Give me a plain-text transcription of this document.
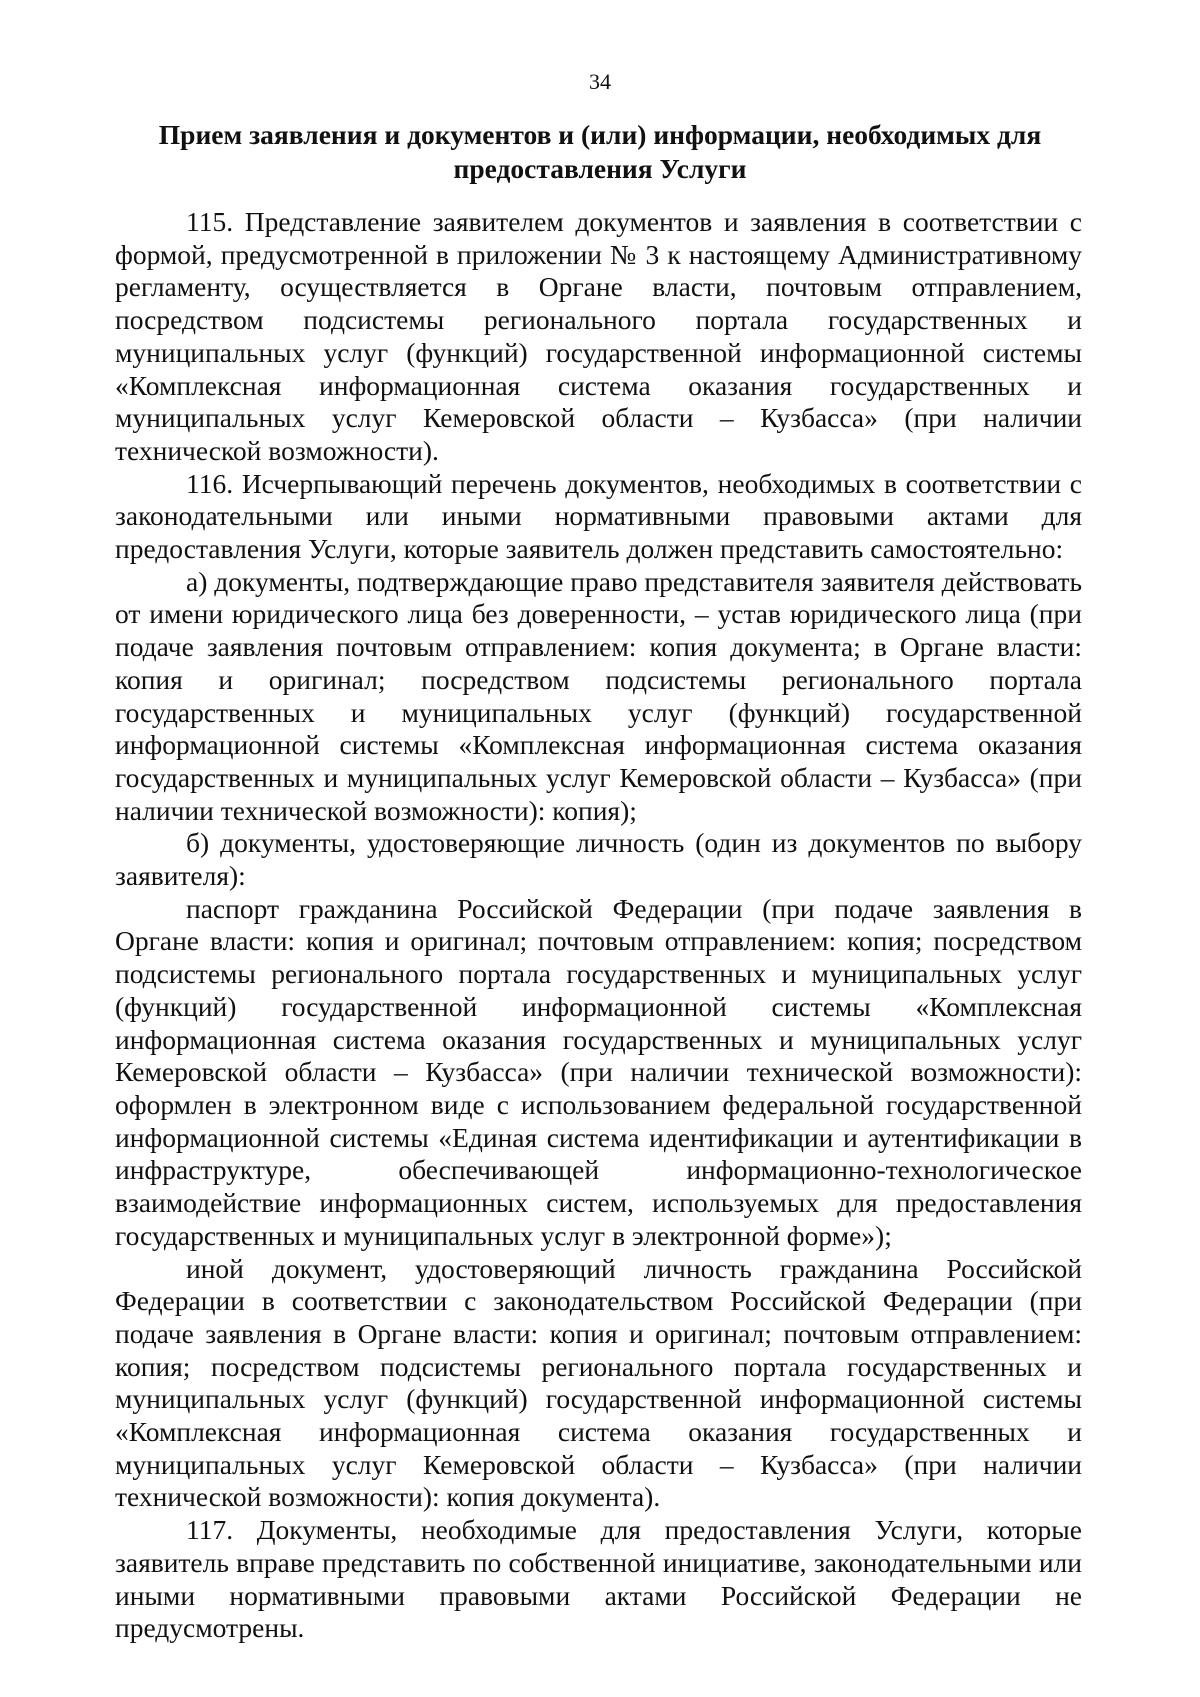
34
Прием заявления и документов и (или) информации, необходимых для предоставления Услуги

115. Представление заявителем документов и заявления в соответствии с формой, предусмотренной в приложении № 3 к настоящему Административному регламенту, осуществляется в Органе власти, почтовым отправлением, посредством подсистемы регионального портала государственных и муниципальных услуг (функций) государственной информационной системы «Комплексная информационная система оказания государственных и муниципальных услуг Кемеровской области – Кузбасса» (при наличии технической возможности).

116. Исчерпывающий перечень документов, необходимых в соответствии с законодательными или иными нормативными правовыми актами для предоставления Услуги, которые заявитель должен представить самостоятельно:

а) документы, подтверждающие право представителя заявителя действовать от имени юридического лица без доверенности, – устав юридического лица (при подаче заявления почтовым отправлением: копия документа; в Органе власти: копия и оригинал; посредством подсистемы регионального портала государственных и муниципальных услуг (функций) государственной информационной системы «Комплексная информационная система оказания государственных и муниципальных услуг Кемеровской области – Кузбасса» (при наличии технической возможности): копия);

б) документы, удостоверяющие личность (один из документов по выбору заявителя):

паспорт гражданина Российской Федерации (при подаче заявления в Органе власти: копия и оригинал; почтовым отправлением: копия; посредством подсистемы регионального портала государственных и муниципальных услуг (функций) государственной информационной системы «Комплексная информационная система оказания государственных и муниципальных услуг Кемеровской области – Кузбасса» (при наличии технической возможности): оформлен в электронном виде с использованием федеральной государственной информационной системы «Единая система идентификации и аутентификации в инфраструктуре, обеспечивающей информационно-технологическое взаимодействие информационных систем, используемых для предоставления государственных и муниципальных услуг в электронной форме»);

иной документ, удостоверяющий личность гражданина Российской Федерации в соответствии с законодательством Российской Федерации (при подаче заявления в Органе власти: копия и оригинал; почтовым отправлением: копия; посредством подсистемы регионального портала государственных и муниципальных услуг (функций) государственной информационной системы «Комплексная информационная система оказания государственных и муниципальных услуг Кемеровской области – Кузбасса» (при наличии технической возможности): копия документа).

117. Документы, необходимые для предоставления Услуги, которые заявитель вправе представить по собственной инициативе, законодательными или иными нормативными правовыми актами Российской Федерации не предусмотрены.
